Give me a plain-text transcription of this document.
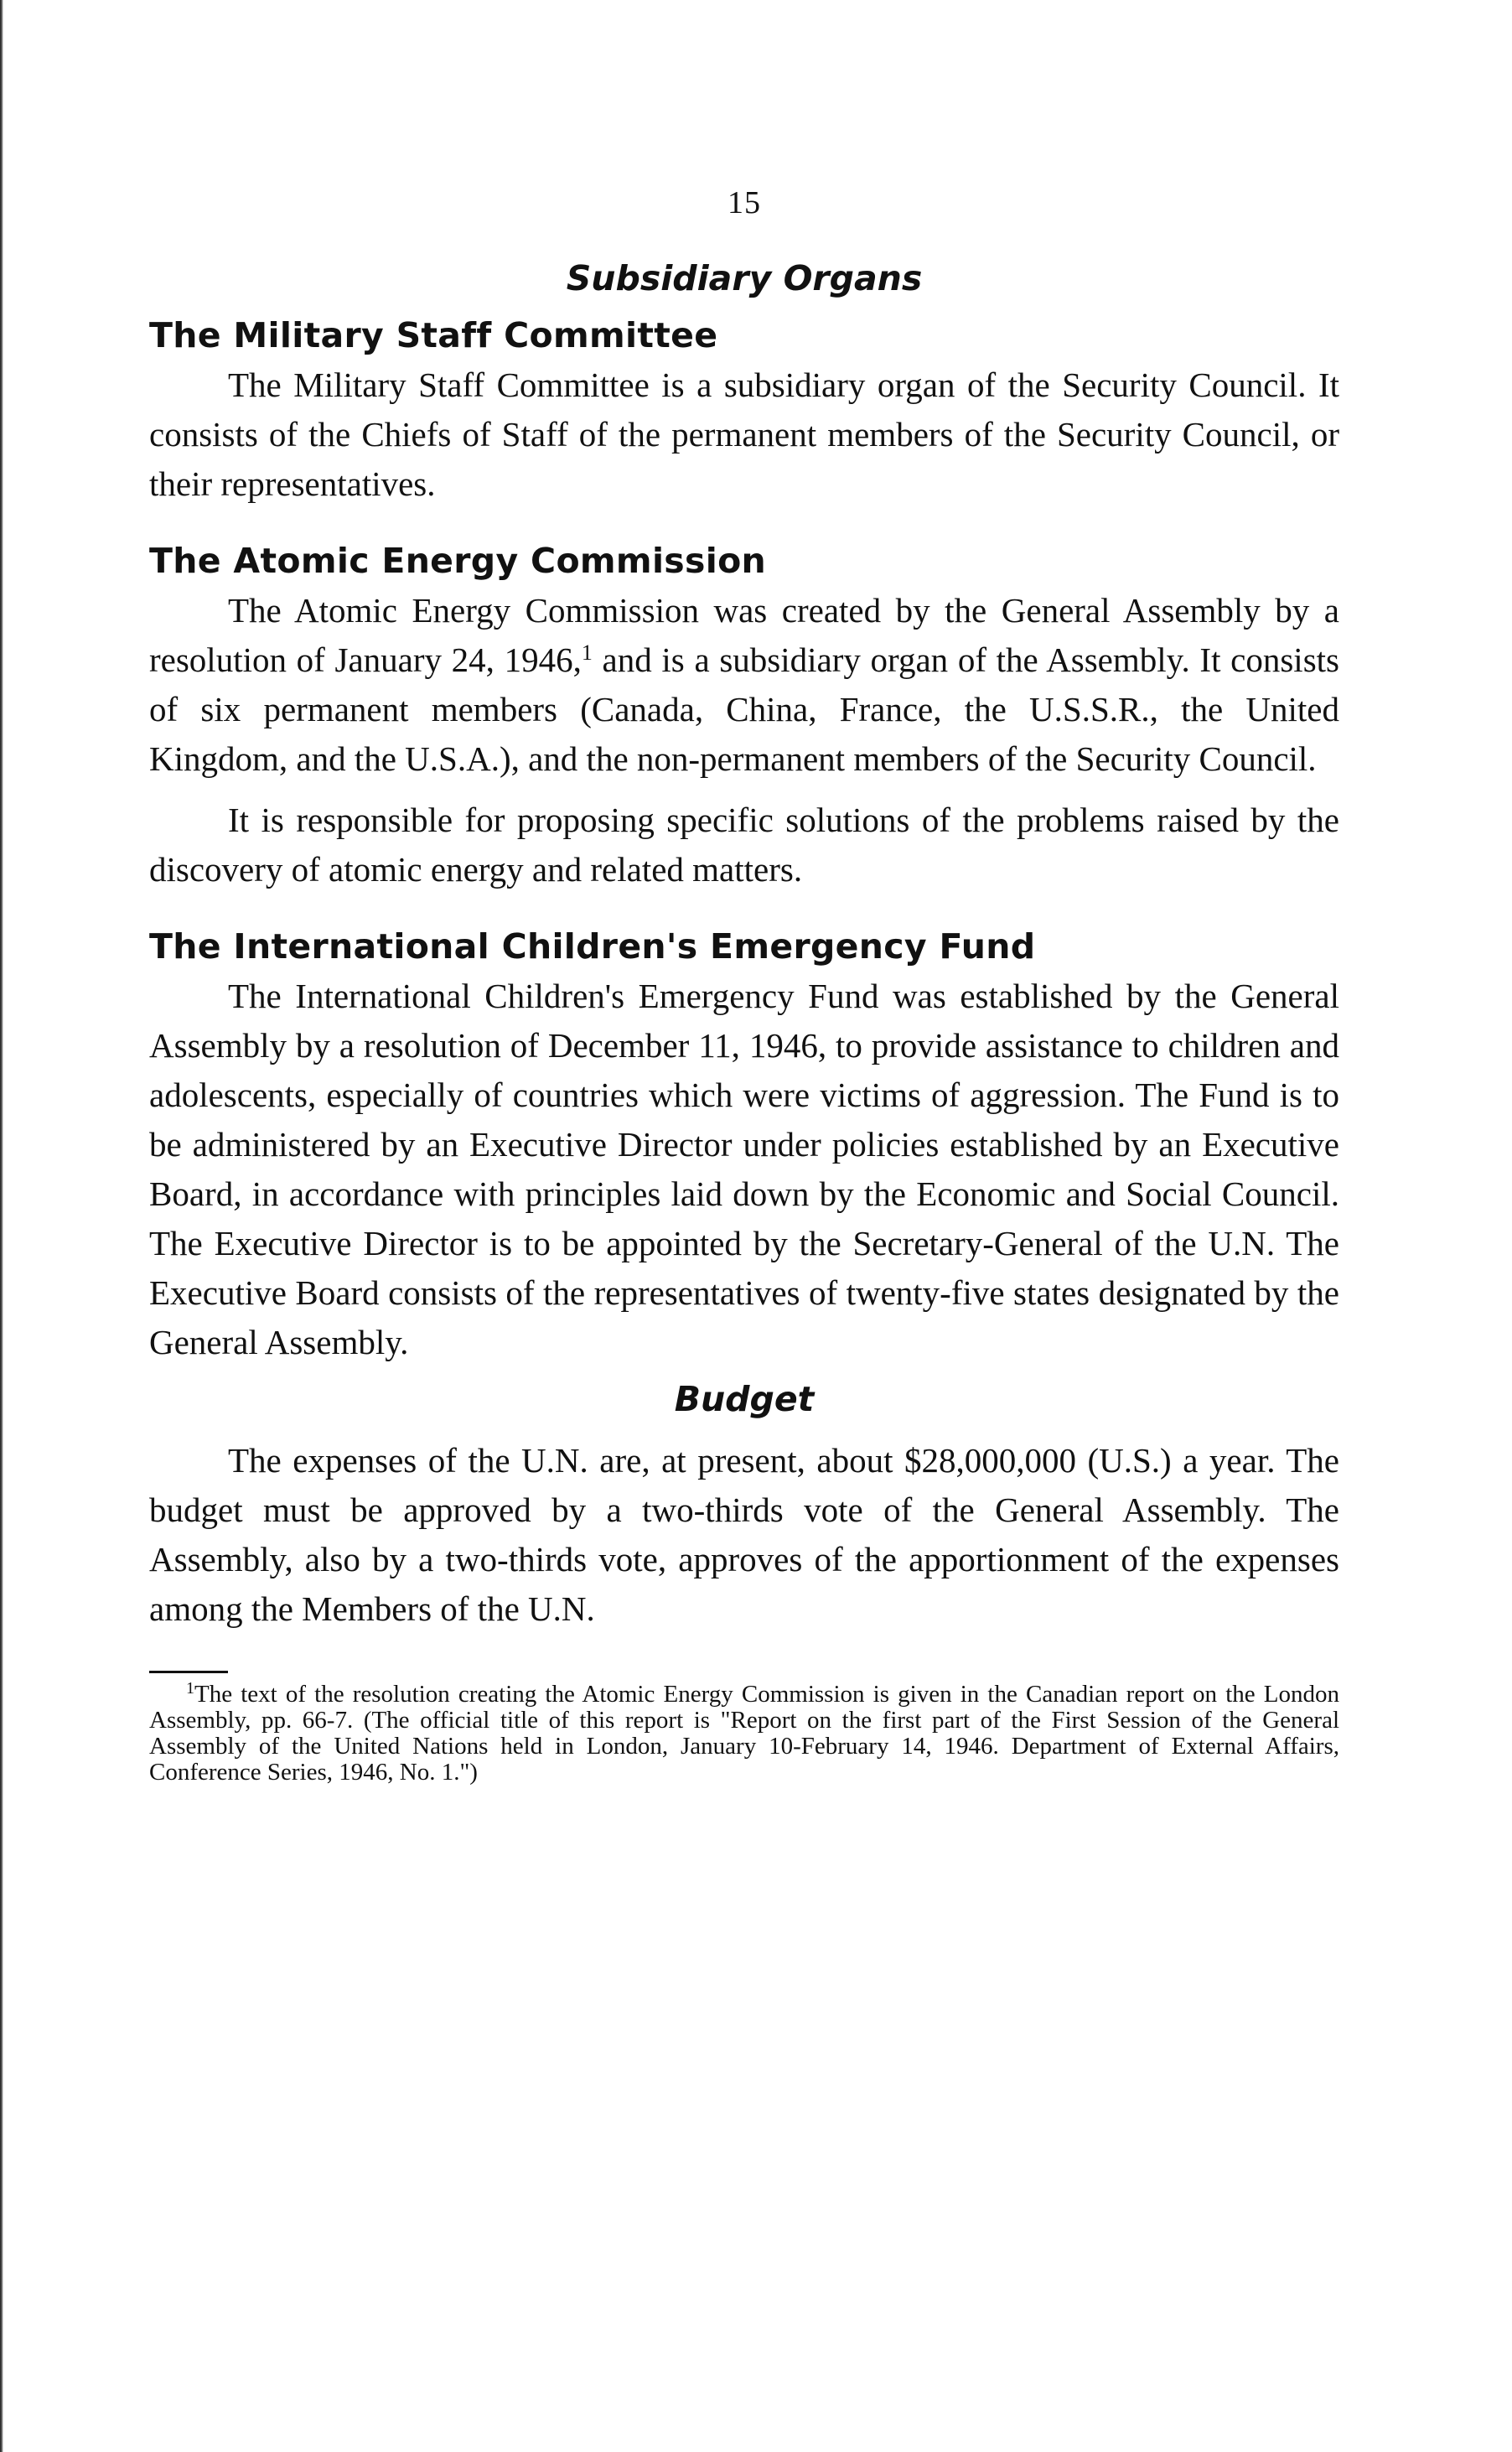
15
Subsidiary Organs
The Military Staff Committee

The Military Staff Committee is a subsidiary organ of the Security Council. It consists of the Chiefs of Staff of the permanent members of the Security Council, or their representatives.

The Atomic Energy Commission

The Atomic Energy Commission was created by the General Assembly by a resolution of January 24, 1946,$^1$ and is a subsidiary organ of the Assembly. It consists of six permanent members (Canada, China, France, the U.S.S.R., the United Kingdom, and the U.S.A.), and the non-permanent members of the Security Council.

It is responsible for proposing specific solutions of the problems raised by the discovery of atomic energy and related matters.

The International Children's Emergency Fund

The International Children's Emergency Fund was established by the General Assembly by a resolution of December 11, 1946, to provide assistance to children and adolescents, especially of countries which were victims of aggression. The Fund is to be administered by an Executive Director under policies established by an Executive Board, in accordance with principles laid down by the Economic and Social Council. The Executive Director is to be appointed by the Secretary-General of the U.N. The Executive Board consists of the representatives of twenty-five states designated by the General Assembly.

Budget

The expenses of the U.N. are, at present, about $28,000,000 (U.S.) a year. The budget must be approved by a two-thirds vote of the General Assembly. The Assembly, also by a two-thirds vote, approves of the apportionment of the expenses among the Members of the U.N.

$^1$The text of the resolution creating the Atomic Energy Commission is given in the Canadian report on the London Assembly, pp. 66-7. (The official title of this report is "Report on the first part of the First Session of the General Assembly of the United Nations held in London, January 10-February 14, 1946. Department of External Affairs, Conference Series, 1946, No. 1.")
